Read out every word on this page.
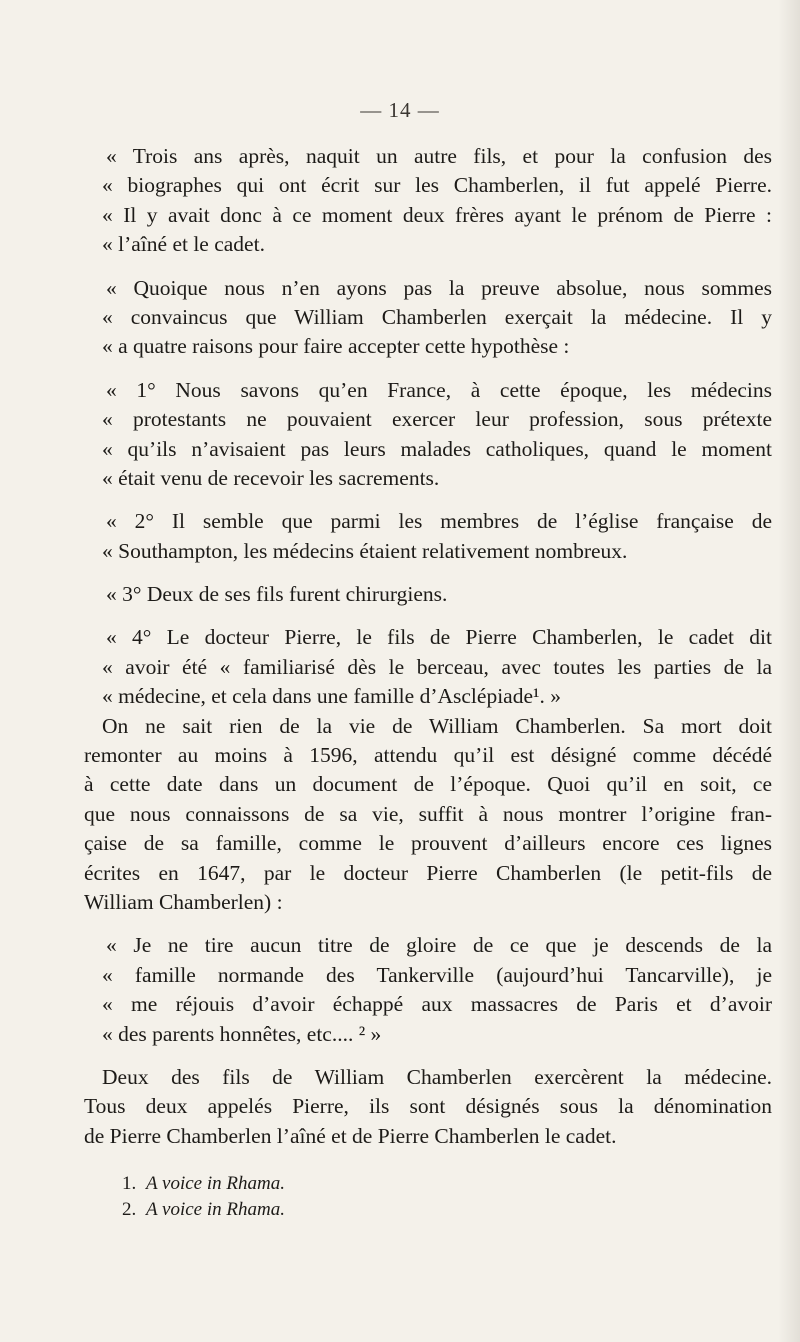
— 14 —
« Trois ans après, naquit un autre fils, et pour la confusion des
« biographes qui ont écrit sur les Chamberlen, il fut appelé Pierre.
« Il y avait donc à ce moment deux frères ayant le prénom de Pierre :
« l’aîné et le cadet.
« Quoique nous n’en ayons pas la preuve absolue, nous sommes
« convaincus que William Chamberlen exerçait la médecine. Il y
« a quatre raisons pour faire accepter cette hypothèse :
« 1° Nous savons qu’en France, à cette époque, les médecins
« protestants ne pouvaient exercer leur profession, sous prétexte
« qu’ils n’avisaient pas leurs malades catholiques, quand le moment
« était venu de recevoir les sacrements.
« 2° Il semble que parmi les membres de l’église française de
« Southampton, les médecins étaient relativement nombreux.
« 3° Deux de ses fils furent chirurgiens.
« 4° Le docteur Pierre, le fils de Pierre Chamberlen, le cadet dit
« avoir été « familiarisé dès le berceau, avec toutes les parties de la
« médecine, et cela dans une famille d’Asclépiade¹. »
On ne sait rien de la vie de William Chamberlen. Sa mort doit
remonter au moins à 1596, attendu qu’il est désigné comme décédé
à cette date dans un document de l’époque. Quoi qu’il en soit, ce
que nous connaissons de sa vie, suffit à nous montrer l’origine fran-
çaise de sa famille, comme le prouvent d’ailleurs encore ces lignes
écrites en 1647, par le docteur Pierre Chamberlen (le petit-fils de
William Chamberlen) :
« Je ne tire aucun titre de gloire de ce que je descends de la
« famille normande des Tankerville (aujourd’hui Tancarville), je
« me réjouis d’avoir échappé aux massacres de Paris et d’avoir
« des parents honnêtes, etc.... ² »
Deux des fils de William Chamberlen exercèrent la médecine.
Tous deux appelés Pierre, ils sont désignés sous la dénomination
de Pierre Chamberlen l’aîné et de Pierre Chamberlen le cadet.
1. A voice in Rhama.
2. A voice in Rhama.
